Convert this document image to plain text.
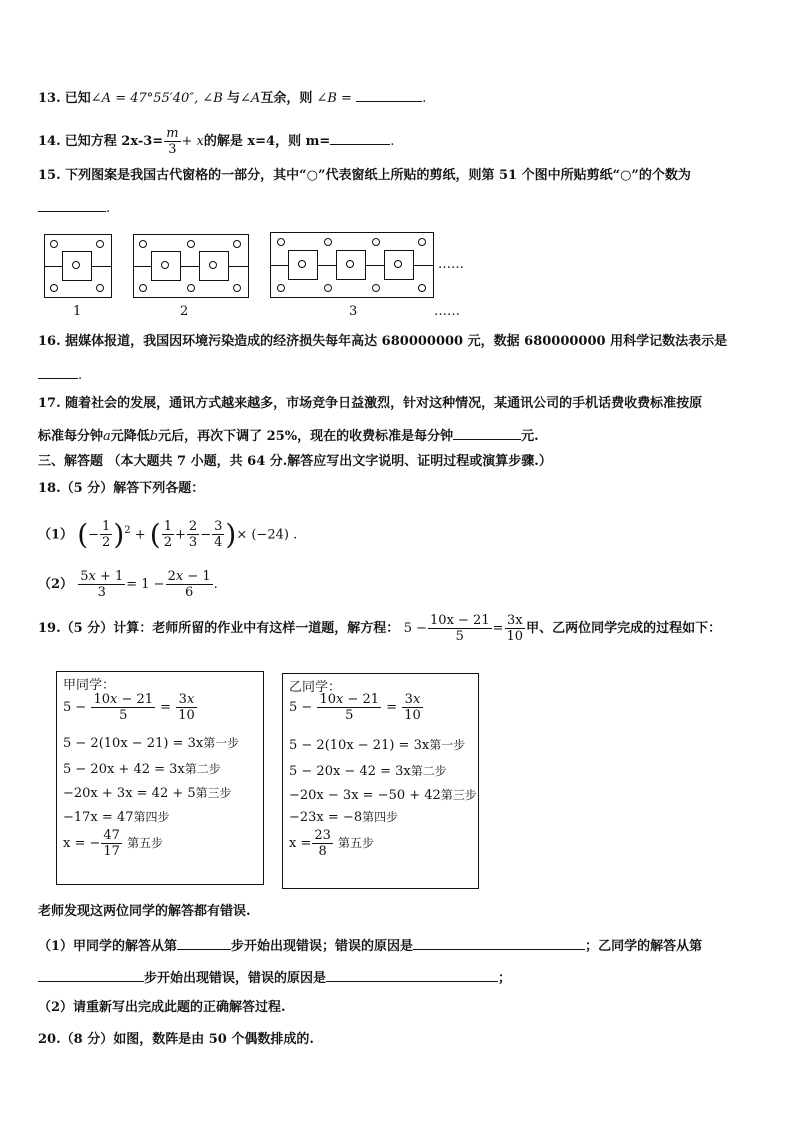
13. 已知∠A = 47°55′40″, ∠B 与∠A互余，则 ∠B =	.
14. 已知方程 $2x-3= \frac{m}{3} + x$的解是 x=4，则 m=	.
15. 下列图案是我国古代窗格的一部分，其中“○”代表窗纸上所贴的剪纸，则第 51 个图中所贴剪纸“○”的个数为
.
……
1	2	3	……
16. 据媒体报道，我国因环境污染造成的经济损失每年高达 680000000 元，数据 680000000 用科学记数法表示是
.
17. 随着社会的发展，通讯方式越来越多，市场竞争日益激烈，针对这种情况，某通讯公司的手机话费收费标准按原
标准每分钟a元降低b元后，再次下调了 25%，现在的收费标准是每分钟	元.
三、解答题 （本大题共 7 小题，共 64 分.解答应写出文字说明、证明过程或演算步骤.）
18.（5 分）解答下列各题：
（1） (− $\frac{1}{2} )^2$ + ( $\frac{1}{2} + \frac{2}{3} - \frac{3}{4}$ )× (−24) .
$(2) \frac{5x + 1}{3} = 1 - \frac{2x - 1}{6}$ .
19.（5 分）计算：老师所留的作业中有这样一道题，解方程： $5 - \frac{10x - 21}{5} = \frac{3x}{10}$ 甲、乙两位同学完成的过程如下：
甲同学：
$5 - \frac{10x - 21}{5} = \frac{3x}{10}$
5 − 2(10x − 21) = 3x第一步
5 − 20x + 42 = 3x第二步
−20x + 3x = 42 + 5第三步
−17x = 47第四步
x = − $\frac{47}{17}$ 第五步
乙同学：
$5 - \frac{10x - 21}{5} = \frac{3x}{10}$
5 − 2(10x − 21) = 3x第一步
5 − 20x − 42 = 3x第二步
−20x − 3x = −50 + 42第三步
−23x = −8第四步
$x = \frac{23}{8}$ 第五步
老师发现这两位同学的解答都有错误.
（1）甲同学的解答从第	步开始出现错误；错误的原因是	；乙同学的解答从第
步开始出现错误，错误的原因是	；
（2）请重新写出完成此题的正确解答过程.
20.（8 分）如图，数阵是由 50 个偶数排成的.
